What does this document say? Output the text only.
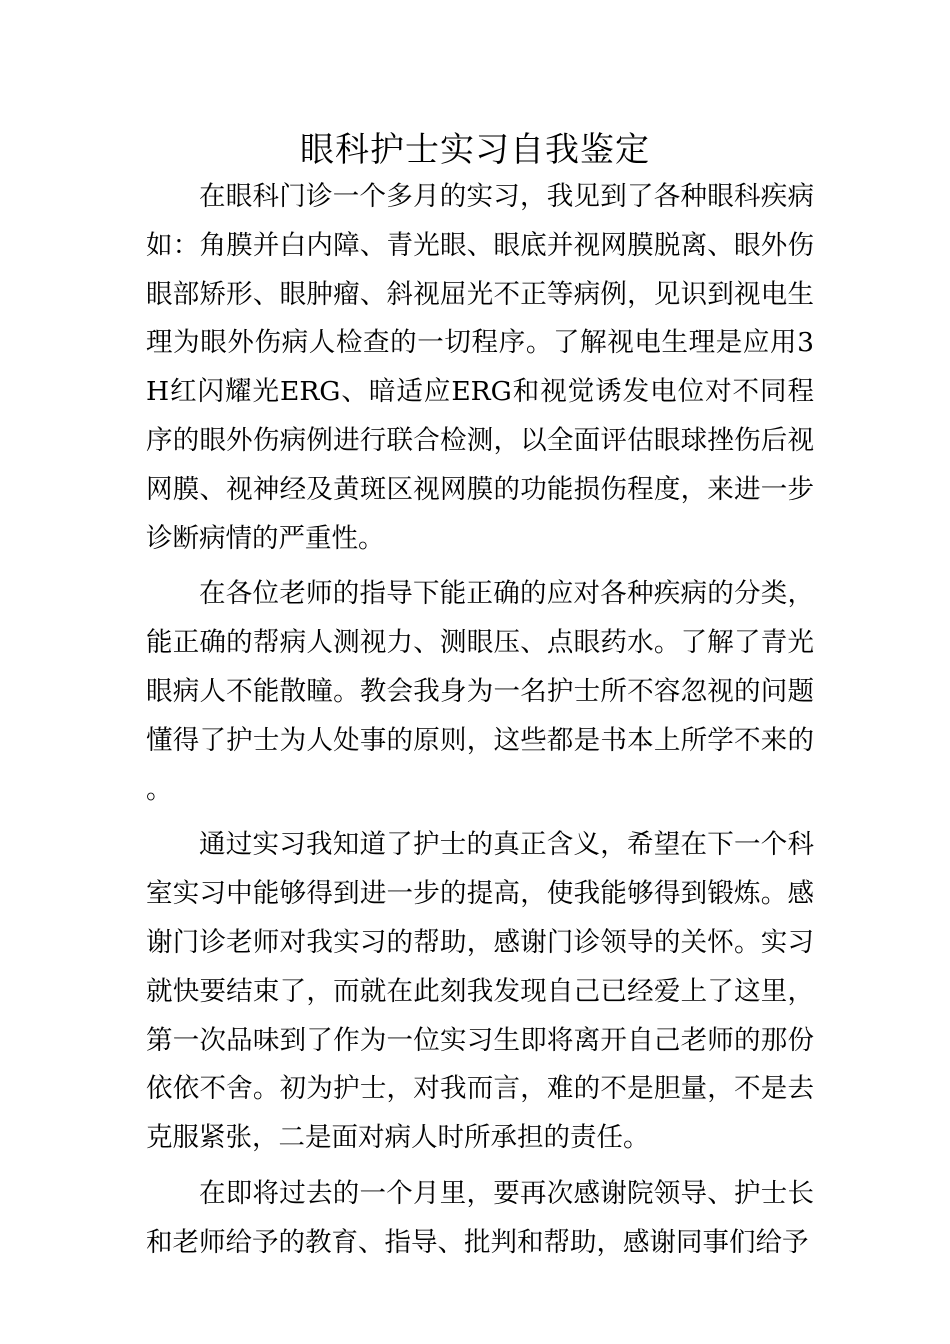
眼科护士实习自我鉴定

在眼科门诊一个多月的实习，我见到了各种眼科疾病如：角膜并白内障、青光眼、眼底并视网膜脱离、眼外伤眼部矫形、眼肿瘤、斜视屈光不正等病例，见识到视电生理为眼外伤病人检查的一切程序。了解视电生理是应用3H红闪耀光ERG、暗适应ERG和视觉诱发电位对不同程序的眼外伤病例进行联合检测，以全面评估眼球挫伤后视网膜、视神经及黄斑区视网膜的功能损伤程度，来进一步诊断病情的严重性。

在各位老师的指导下能正确的应对各种疾病的分类，能正确的帮病人测视力、测眼压、点眼药水。了解了青光眼病人不能散瞳。教会我身为一名护士所不容忽视的问题懂得了护士为人处事的原则，这些都是书本上所学不来的。

通过实习我知道了护士的真正含义，希望在下一个科室实习中能够得到进一步的提高，使我能够得到锻炼。感谢门诊老师对我实习的帮助，感谢门诊领导的关怀。实习就快要结束了，而就在此刻我发现自己已经爱上了这里，第一次品味到了作为一位实习生即将离开自己老师的那份依依不舍。初为护士，对我而言，难的不是胆量，不是去克服紧张，二是面对病人时所承担的责任。

在即将过去的一个月里，要再次感谢院领导、护士长和老师给予的教育、指导、批判和帮助，感谢同事们给予
